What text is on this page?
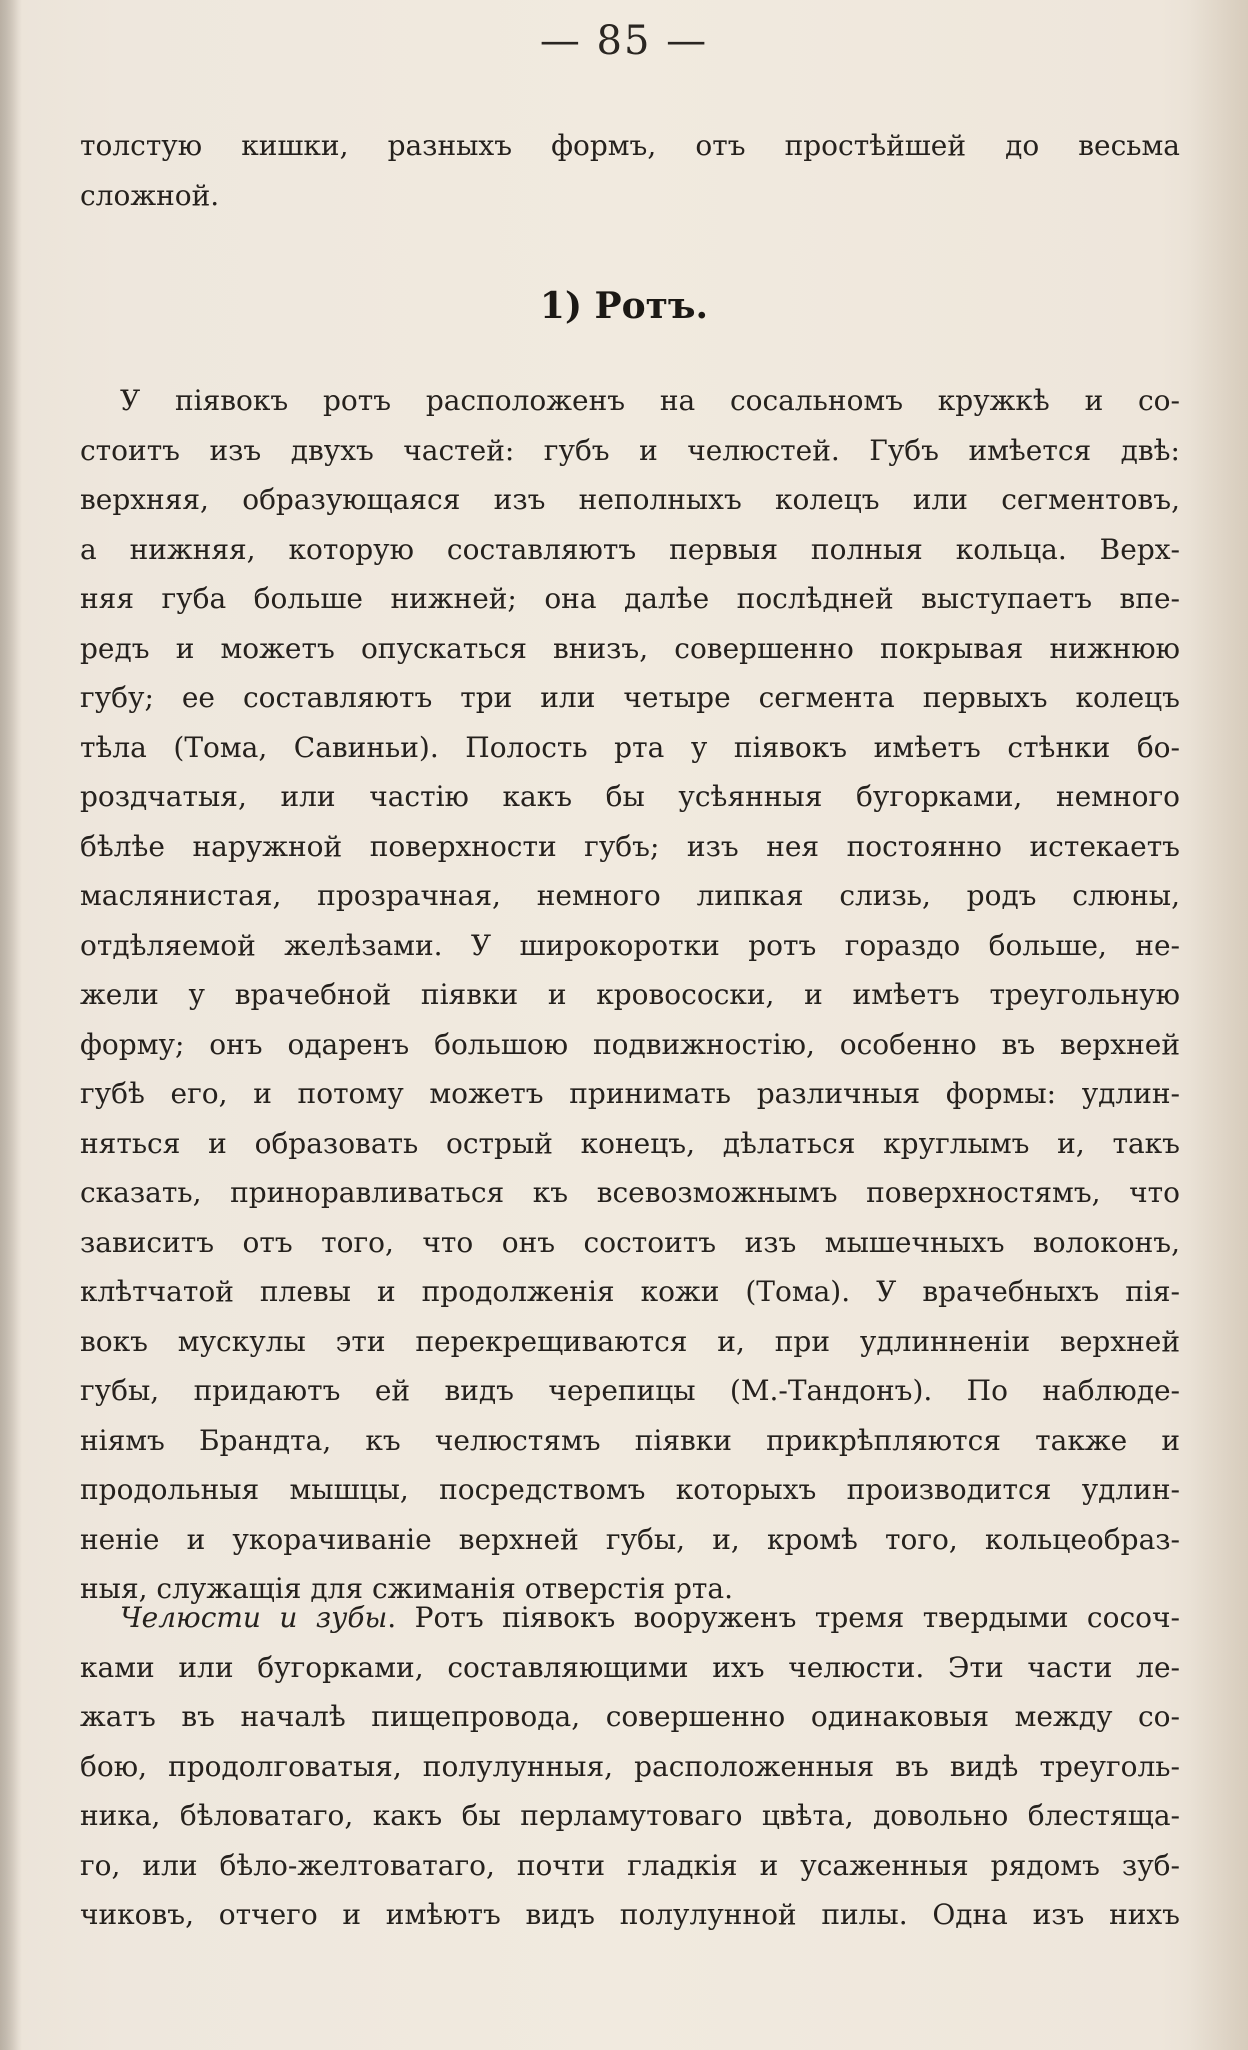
— 85 —
толстую кишки, разныхъ формъ, отъ простѣйшей до весьма
сложной.
1) Ротъ.
У піявокъ ротъ расположенъ на сосальномъ кружкѣ и со-
стоитъ изъ двухъ частей: губъ и челюстей. Губъ имѣется двѣ:
верхняя, образующаяся изъ неполныхъ колецъ или сегментовъ,
а нижняя, которую составляютъ первыя полныя кольца. Верх-
няя губа больше нижней; она далѣе послѣдней выступаетъ впе-
редъ и можетъ опускаться внизъ, совершенно покрывая нижнюю
губу; ее составляютъ три или четыре сегмента первыхъ колецъ
тѣла (Тома, Савиньи). Полость рта у піявокъ имѣетъ стѣнки бо-
роздчатыя, или частію какъ бы усѣянныя бугорками, немного
бѣлѣе наружной поверхности губъ; изъ нея постоянно истекаетъ
маслянистая, прозрачная, немного липкая слизь, родъ слюны,
отдѣляемой желѣзами. У широкоротки ротъ гораздо больше, не-
жели у врачебной піявки и кровососки, и имѣетъ треугольную
форму; онъ одаренъ большою подвижностію, особенно въ верхней
губѣ его, и потому можетъ принимать различныя формы: удлин-
няться и образовать острый конецъ, дѣлаться круглымъ и, такъ
сказать, приноравливаться къ всевозможнымъ поверхностямъ, что
зависитъ отъ того, что онъ состоитъ изъ мышечныхъ волоконъ,
клѣтчатой плевы и продолженія кожи (Тома). У врачебныхъ пія-
вокъ мускулы эти перекрещиваются и, при удлинненіи верхней
губы, придаютъ ей видъ черепицы (М.-Тандонъ). По наблюде-
ніямъ Брандта, къ челюстямъ піявки прикрѣпляются также и
продольныя мышцы, посредствомъ которыхъ производится удлин-
неніе и укорачиваніе верхней губы, и, кромѣ того, кольцеобраз-
ныя, служащія для сжиманія отверстія рта.
Челюсти и зубы. Ротъ піявокъ вооруженъ тремя твердыми сосоч-
ками или бугорками, составляющими ихъ челюсти. Эти части ле-
жатъ въ началѣ пищепровода, совершенно одинаковыя между со-
бою, продолговатыя, полулунныя, расположенныя въ видѣ треуголь-
ника, бѣловатаго, какъ бы перламутоваго цвѣта, довольно блестяща-
го, или бѣло-желтоватаго, почти гладкія и усаженныя рядомъ зуб-
чиковъ, отчего и имѣютъ видъ полулунной пилы. Одна изъ нихъ
